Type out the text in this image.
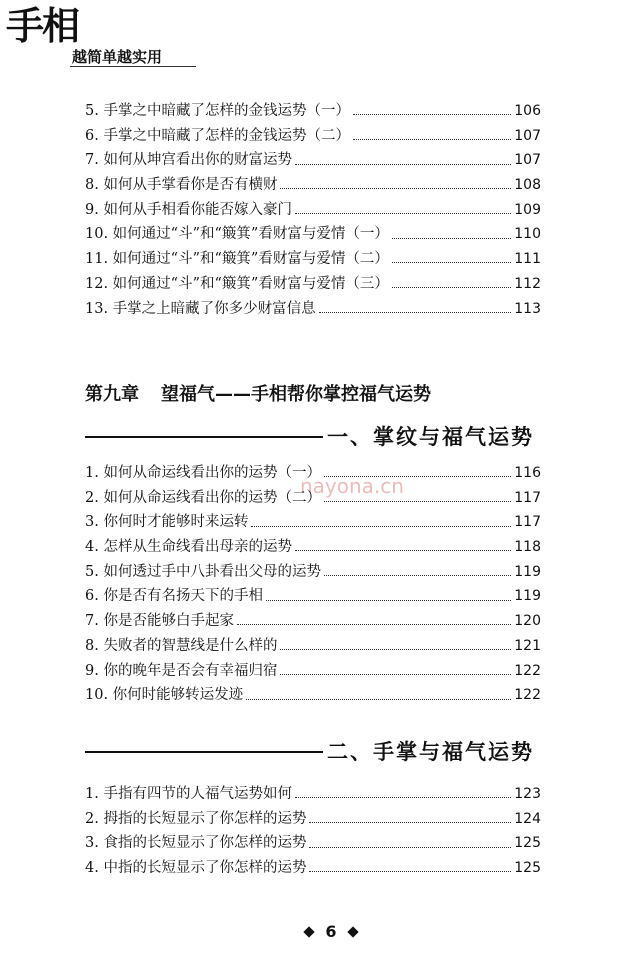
手相
越简单越实用
5. 手掌之中暗藏了怎样的金钱运势（一）	106
6. 手掌之中暗藏了怎样的金钱运势（二）	107
7. 如何从坤宫看出你的财富运势	107
8. 如何从手掌看你是否有横财	108
9. 如何从手相看你能否嫁入豪门	109
10. 如何通过“斗”和“簸箕”看财富与爱情（一）	110
11. 如何通过“斗”和“簸箕”看财富与爱情（二）	111
12. 如何通过“斗”和“簸箕”看财富与爱情（三）	112
13. 手掌之上暗藏了你多少财富信息	113
第九章 望福气——手相帮你掌控福气运势
一、掌纹与福气运势
nayona.cn
1. 如何从命运线看出你的运势（一）	116
2. 如何从命运线看出你的运势（二）	117
3. 你何时才能够时来运转	117
4. 怎样从生命线看出母亲的运势	118
5. 如何透过手中八卦看出父母的运势	119
6. 你是否有名扬天下的手相	119
7. 你是否能够白手起家	120
8. 失败者的智慧线是什么样的	121
9. 你的晚年是否会有幸福归宿	122
10. 你何时能够转运发迹	122
二、手掌与福气运势
1. 手指有四节的人福气运势如何	123
2. 拇指的长短显示了你怎样的运势	124
3. 食指的长短显示了你怎样的运势	125
4. 中指的长短显示了你怎样的运势	125
6
